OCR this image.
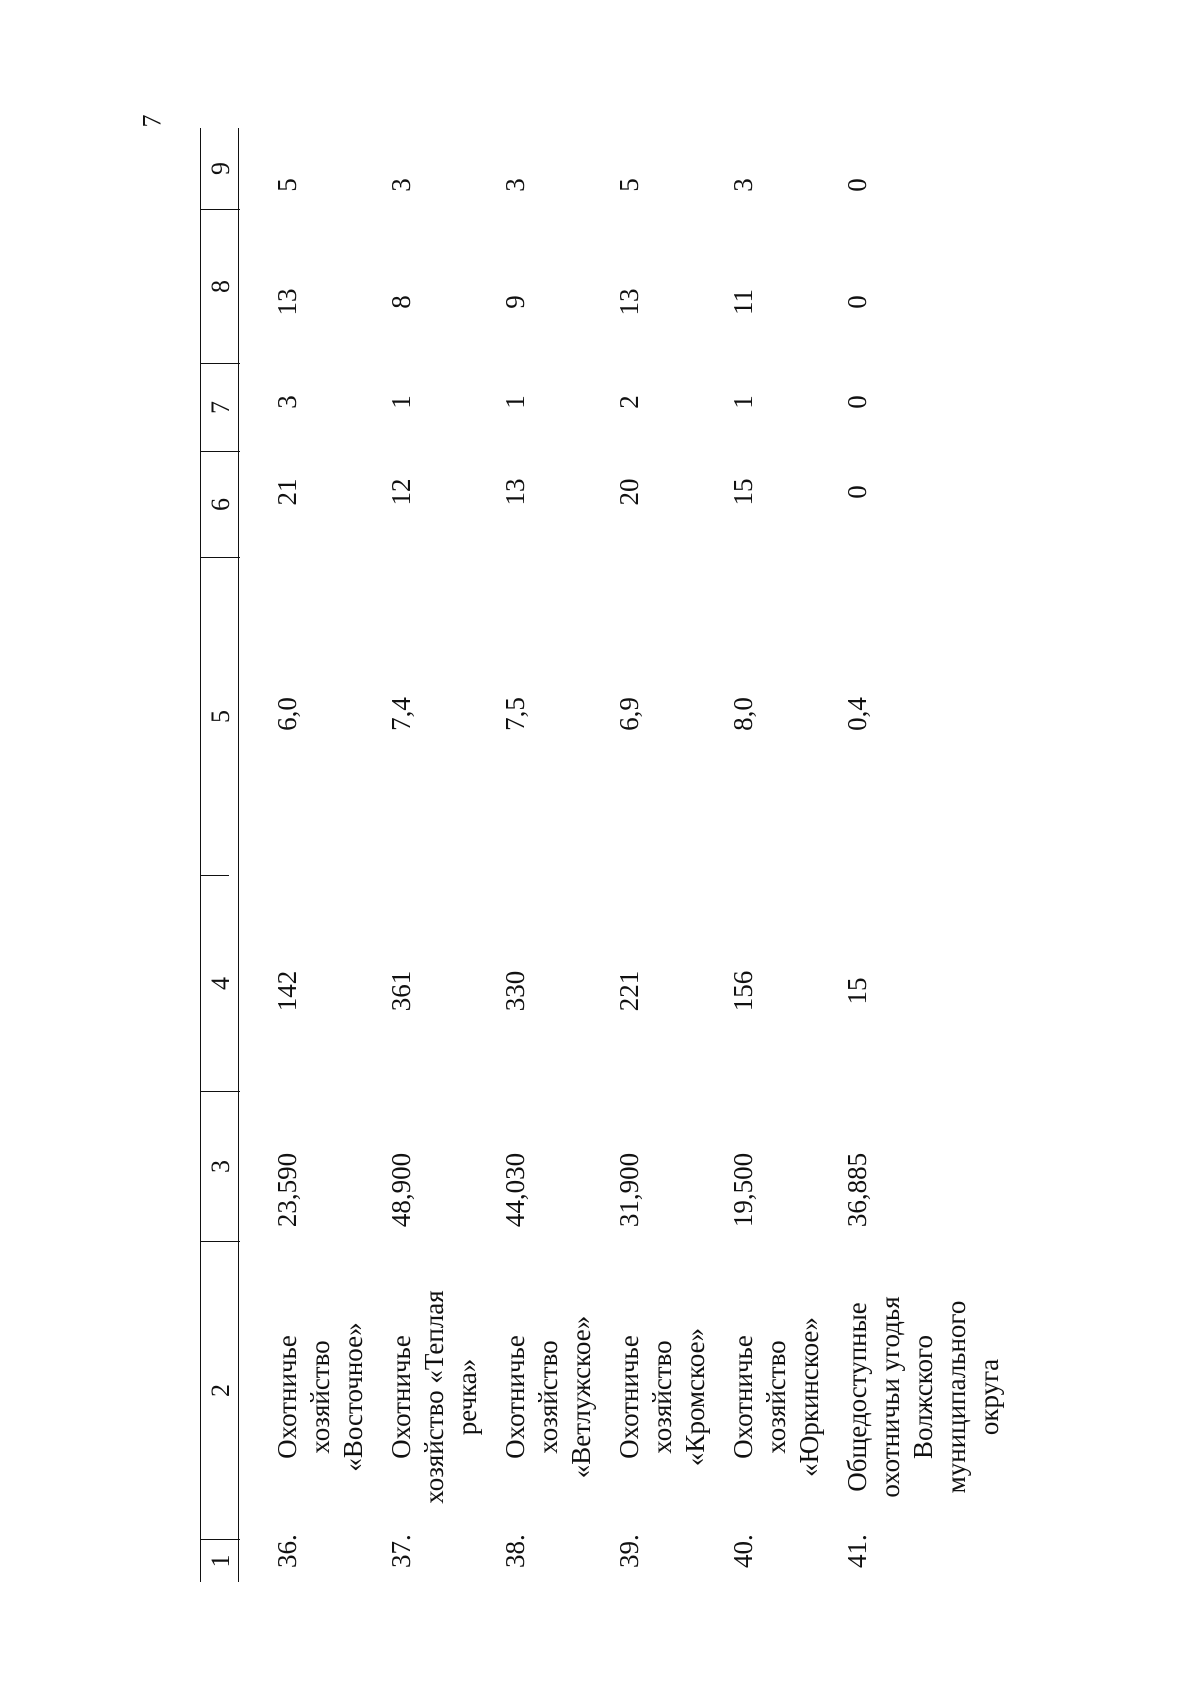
7
1
2
3
4
5
6
7
8
9
36.
Охотничье хозяйство «Восточное»
23,590
142
6,0
21
3
13
5
37.
Охотничье хозяйство «Теплая речка»
48,900
361
7,4
12
1
8
3
38.
Охотничье хозяйство «Ветлужское»
44,030
330
7,5
13
1
9
3
39.
Охотничье хозяйство «Кромское»
31,900
221
6,9
20
2
13
5
40.
Охотничье хозяйство «Юркинское»
19,500
156
8,0
15
1
11
3
41.
Общедоступные охотничьи угодья Волжского муниципального округа
36,885
15
0,4
0
0
0
0
